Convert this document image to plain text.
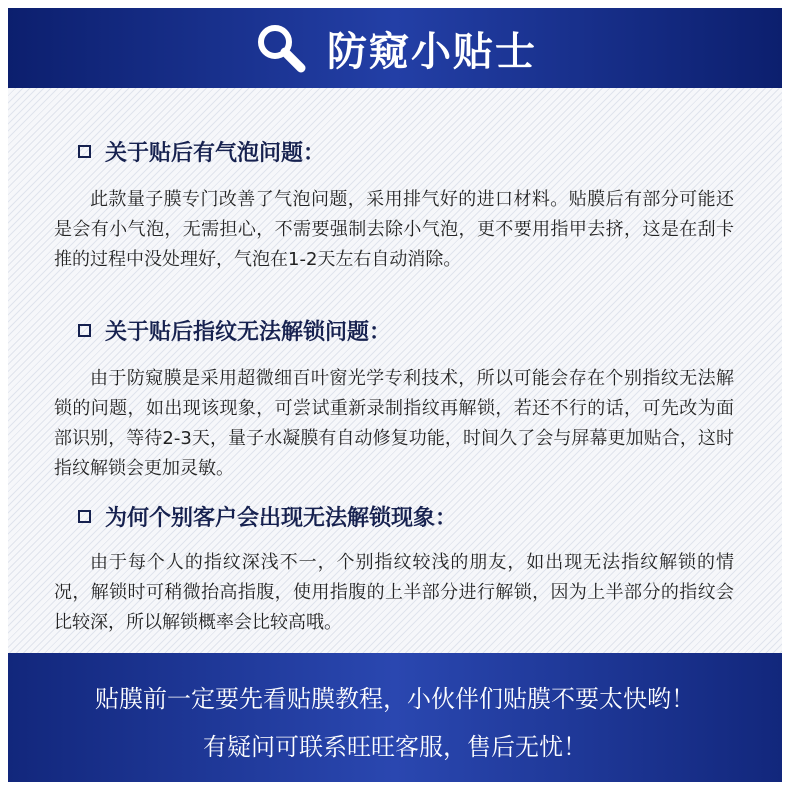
防窥小贴士
关于贴后有气泡问题：

此款量子膜专门改善了气泡问题，采用排气好的进口材料。贴膜后有部分可能还是会有小气泡，无需担心，不需要强制去除小气泡，更不要用指甲去挤，这是在刮卡推的过程中没处理好，气泡在1-2天左右自动消除。

关于贴后指纹无法解锁问题：

由于防窥膜是采用超微细百叶窗光学专利技术，所以可能会存在个别指纹无法解锁的问题，如出现该现象，可尝试重新录制指纹再解锁，若还不行的话，可先改为面部识别，等待2-3天，量子水凝膜有自动修复功能，时间久了会与屏幕更加贴合，这时指纹解锁会更加灵敏。

为何个别客户会出现无法解锁现象：

由于每个人的指纹深浅不一，个别指纹较浅的朋友，如出现无法指纹解锁的情况，解锁时可稍微抬高指腹，使用指腹的上半部分进行解锁，因为上半部分的指纹会比较深，所以解锁概率会比较高哦。

贴膜前一定要先看贴膜教程，小伙伴们贴膜不要太快哟！
有疑问可联系旺旺客服，售后无忧！
